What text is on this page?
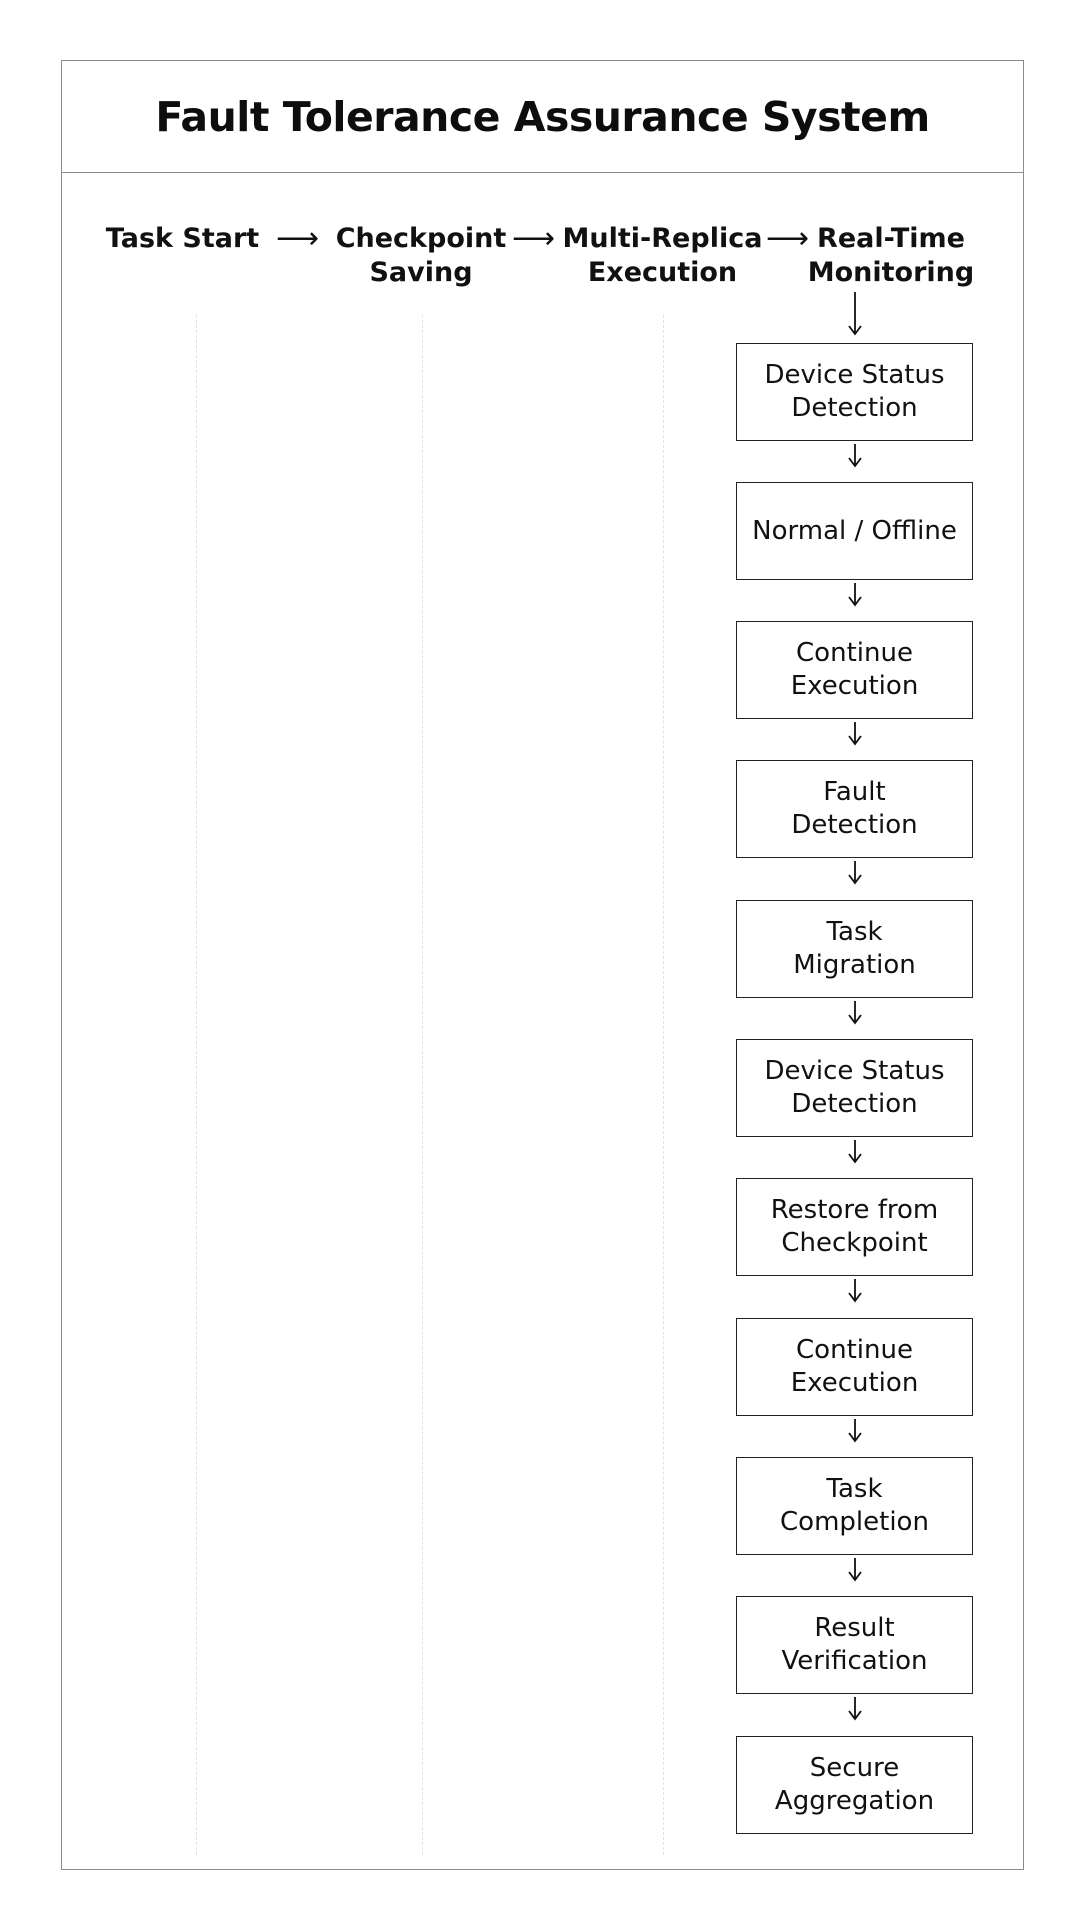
Fault Tolerance Assurance System
Task Start ⟶ Checkpoint
Saving
⟶ Multi-Replica
Execution
⟶ Real-Time
Monitoring
Device Status
Detection
Normal / Offline
Continue
Execution
Fault
Detection
Task
Migration
Device Status
Detection
Restore from
Checkpoint
Continue
Execution
Task
Completion
Result
Verification
Secure
Aggregation
